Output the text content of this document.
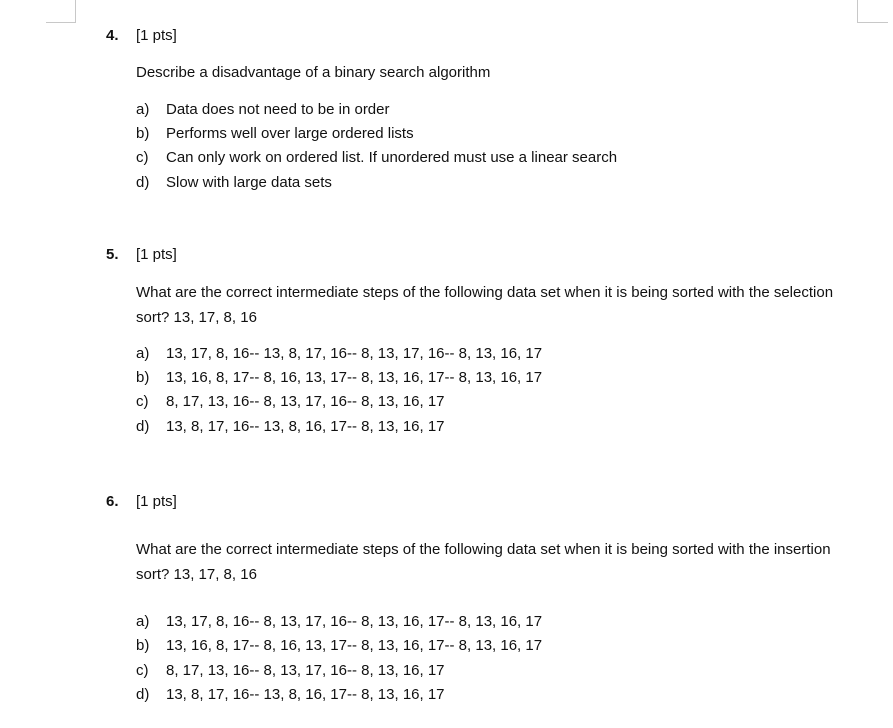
4. [1 pts]
Describe a disadvantage of a binary search algorithm
a) Data does not need to be in order
b) Performs well over large ordered lists
c) Can only work on ordered list. If unordered must use a linear search
d) Slow with large data sets
5. [1 pts]
What are the correct intermediate steps of the following data set when it is being sorted with the selection sort? 13, 17, 8, 16
a) 13, 17, 8, 16-- 13, 8, 17, 16-- 8, 13, 17, 16-- 8, 13, 16, 17
b) 13, 16, 8, 17-- 8, 16, 13, 17-- 8, 13, 16, 17-- 8, 13, 16, 17
c) 8, 17, 13, 16-- 8, 13, 17, 16-- 8, 13, 16, 17
d) 13, 8, 17, 16-- 13, 8, 16, 17-- 8, 13, 16, 17
6. [1 pts]
What are the correct intermediate steps of the following data set when it is being sorted with the insertion sort? 13, 17, 8, 16
a) 13, 17, 8, 16-- 8, 13, 17, 16-- 8, 13, 16, 17-- 8, 13, 16, 17
b) 13, 16, 8, 17-- 8, 16, 13, 17-- 8, 13, 16, 17-- 8, 13, 16, 17
c) 8, 17, 13, 16-- 8, 13, 17, 16-- 8, 13, 16, 17
d) 13, 8, 17, 16-- 13, 8, 16, 17-- 8, 13, 16, 17
